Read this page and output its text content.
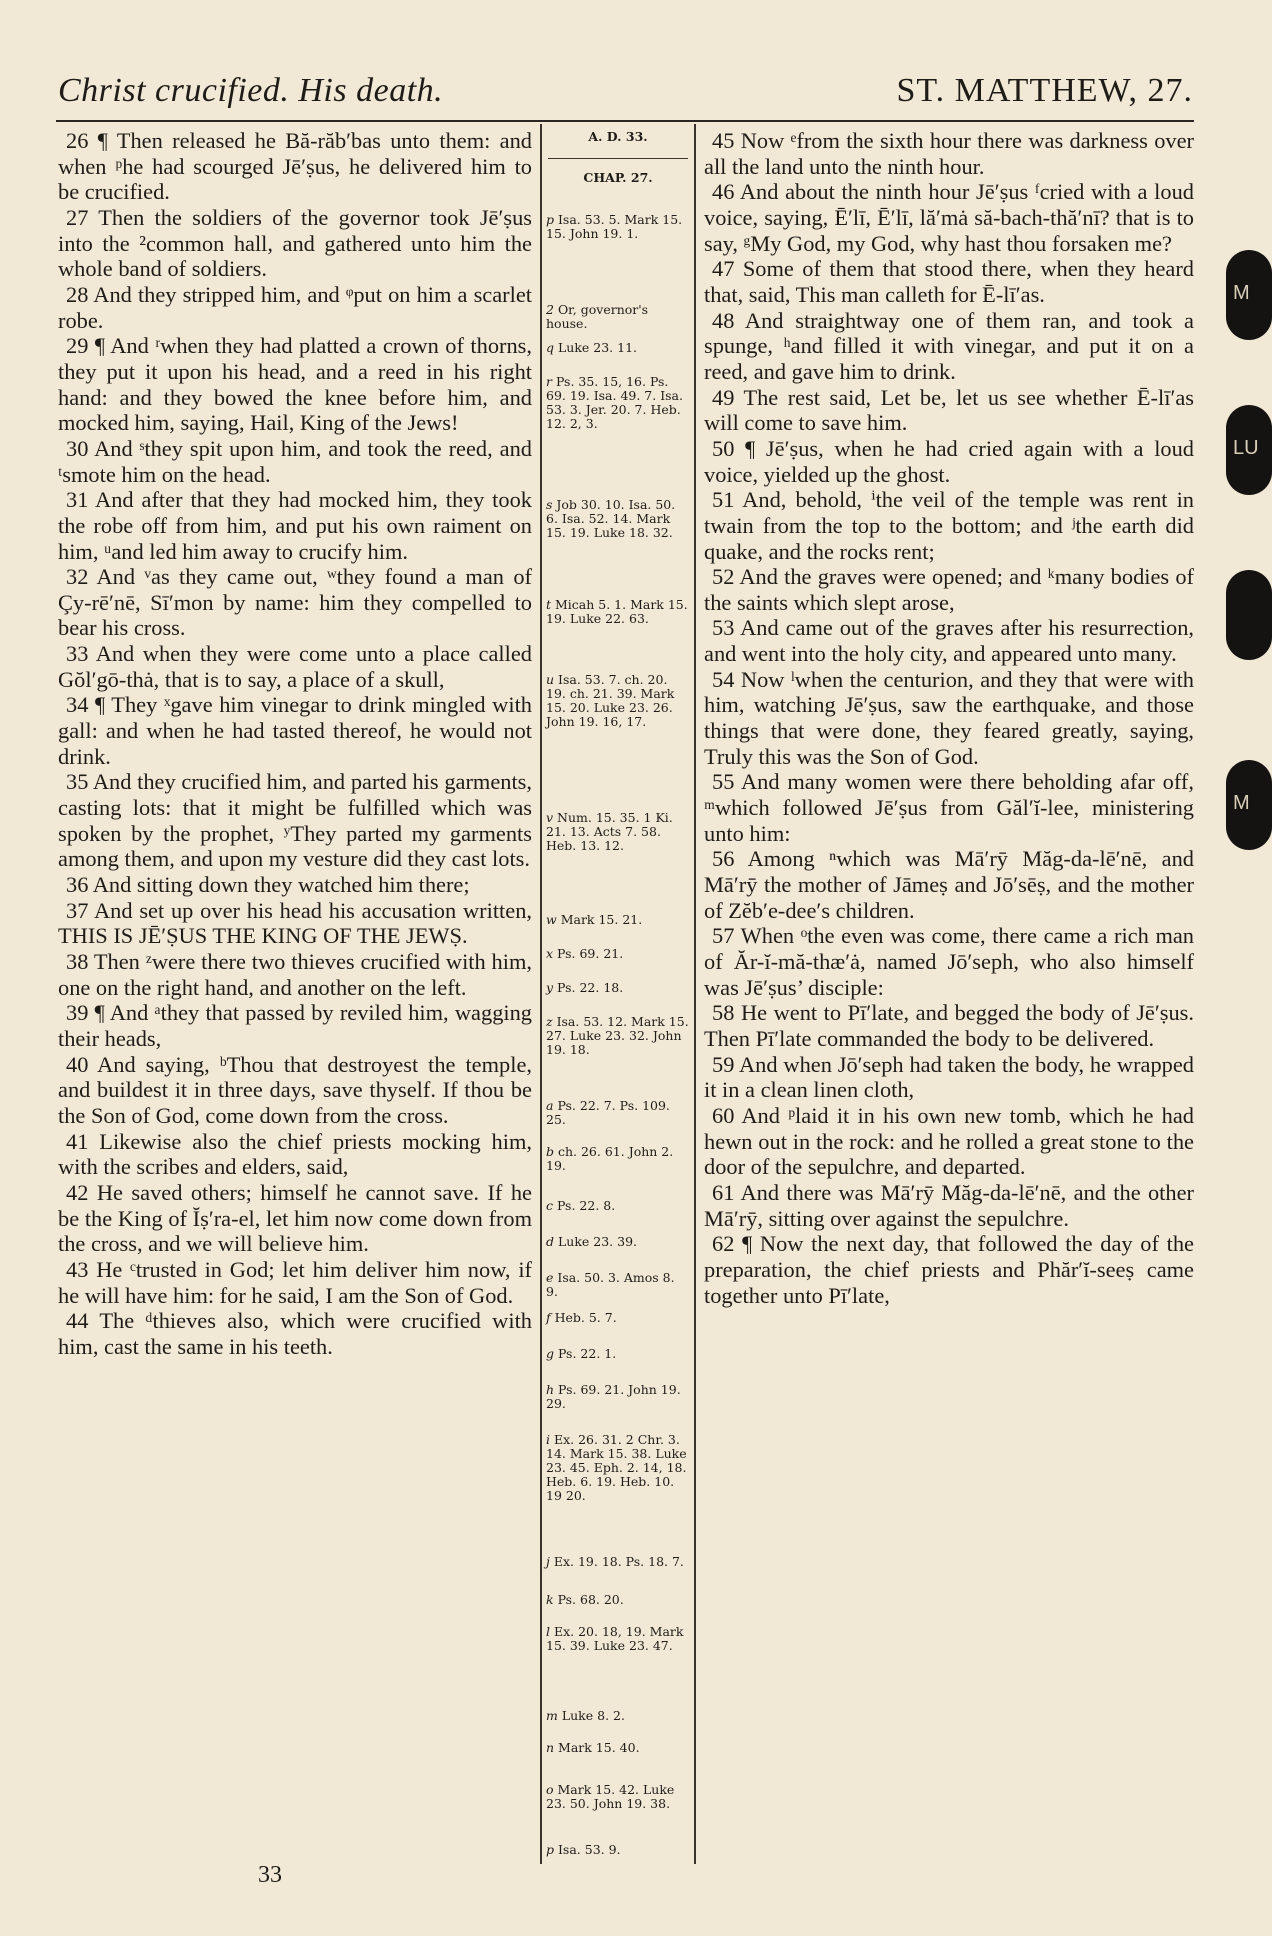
Christ crucified. His death.	ST. MATTHEW, 27.

26 ¶ Then released he Bă-răb′bas unto them: and when ᵖhe had scourged Jē′ṣus, he delivered him to be crucified.

27 Then the soldiers of the governor took Jē′ṣus into the ²common hall, and gathered unto him the whole band of soldiers.

28 And they stripped him, and ᵠput on him a scarlet robe.

29 ¶ And ʳwhen they had platted a crown of thorns, they put it upon his head, and a reed in his right hand: and they bowed the knee before him, and mocked him, saying, Hail, King of the Jews!

30 And ˢthey spit upon him, and took the reed, and ᵗsmote him on the head.

31 And after that they had mocked him, they took the robe off from him, and put his own raiment on him, ᵘand led him away to crucify him.

32 And ᵛas they came out, ʷthey found a man of Çy-rē′nē, Sī′mon by name: him they compelled to bear his cross.

33 And when they were come unto a place called Gŏl′gō-thȧ, that is to say, a place of a skull,

34 ¶ They ˣgave him vinegar to drink mingled with gall: and when he had tasted thereof, he would not drink.

35 And they crucified him, and parted his garments, casting lots: that it might be fulfilled which was spoken by the prophet, ʸThey parted my garments among them, and upon my vesture did they cast lots.

36 And sitting down they watched him there;

37 And set up over his head his accusation written, THIS IS JĒ′ṢUS THE KING OF THE JEWṢ.

38 Then ᶻwere there two thieves crucified with him, one on the right hand, and another on the left.

39 ¶ And ᵃthey that passed by reviled him, wagging their heads,

40 And saying, ᵇThou that destroyest the temple, and buildest it in three days, save thyself. If thou be the Son of God, come down from the cross.

41 Likewise also the chief priests mocking him, with the scribes and elders, said,

42 He saved others; himself he cannot save. If he be the King of Ĭṣ′ra-el, let him now come down from the cross, and we will believe him.

43 He ᶜtrusted in God; let him deliver him now, if he will have him: for he said, I am the Son of God.

44 The ᵈthieves also, which were crucified with him, cast the same in his teeth.

A. D. 33.
CHAP. 27.
p Isa. 53. 5. Mark 15. 15. John 19. 1.
2 Or, governor's house.
q Luke 23. 11.
r Ps. 35. 15, 16. Ps. 69. 19. Isa. 49. 7. Isa. 53. 3. Jer. 20. 7. Heb. 12. 2, 3.
s Job 30. 10. Isa. 50. 6. Isa. 52. 14. Mark 15. 19. Luke 18. 32.
t Micah 5. 1. Mark 15. 19. Luke 22. 63.
u Isa. 53. 7. ch. 20. 19. ch. 21. 39. Mark 15. 20. Luke 23. 26. John 19. 16, 17.
v Num. 15. 35. 1 Ki. 21. 13. Acts 7. 58. Heb. 13. 12.
w Mark 15. 21.
x Ps. 69. 21.
y Ps. 22. 18.
z Isa. 53. 12. Mark 15. 27. Luke 23. 32. John 19. 18.
a Ps. 22. 7. Ps. 109. 25.
b ch. 26. 61. John 2. 19.
c Ps. 22. 8.
d Luke 23. 39.
e Isa. 50. 3. Amos 8. 9.
f Heb. 5. 7.
g Ps. 22. 1.
h Ps. 69. 21. John 19. 29.
i Ex. 26. 31. 2 Chr. 3. 14. Mark 15. 38. Luke 23. 45. Eph. 2. 14, 18. Heb. 6. 19. Heb. 10. 19 20.
j Ex. 19. 18. Ps. 18. 7.
k Ps. 68. 20.
l Ex. 20. 18, 19. Mark 15. 39. Luke 23. 47.
m Luke 8. 2.
n Mark 15. 40.
o Mark 15. 42. Luke 23. 50. John 19. 38.
p Isa. 53. 9.

45 Now ᵉfrom the sixth hour there was darkness over all the land unto the ninth hour.

46 And about the ninth hour Jē′ṣus ᶠcried with a loud voice, saying, Ē′lī, Ē′lī, lă′mȧ să-bach-thă′nī? that is to say, ᵍMy God, my God, why hast thou forsaken me?

47 Some of them that stood there, when they heard that, said, This man calleth for Ē-lī′as.

48 And straightway one of them ran, and took a spunge, ʰand filled it with vinegar, and put it on a reed, and gave him to drink.

49 The rest said, Let be, let us see whether Ē-lī′as will come to save him.

50 ¶ Jē′ṣus, when he had cried again with a loud voice, yielded up the ghost.

51 And, behold, ⁱthe veil of the temple was rent in twain from the top to the bottom; and ʲthe earth did quake, and the rocks rent;

52 And the graves were opened; and ᵏmany bodies of the saints which slept arose,

53 And came out of the graves after his resurrection, and went into the holy city, and appeared unto many.

54 Now ˡwhen the centurion, and they that were with him, watching Jē′ṣus, saw the earthquake, and those things that were done, they feared greatly, saying, Truly this was the Son of God.

55 And many women were there beholding afar off, ᵐwhich followed Jē′ṣus from Găl′ĭ-lee, ministering unto him:

56 Among ⁿwhich was Mā′rȳ Măg-da-lē′nē, and Mā′rȳ the mother of Jāmeṣ and Jō′sēṣ, and the mother of Zĕb′e-dee′s children.

57 When ᵒthe even was come, there came a rich man of Ăr-ĭ-mă-thæ′ȧ, named Jō′seph, who also himself was Jē′ṣus’ disciple:

58 He went to Pī′late, and begged the body of Jē′ṣus. Then Pī′late commanded the body to be delivered.

59 And when Jō′seph had taken the body, he wrapped it in a clean linen cloth,

60 And ᵖlaid it in his own new tomb, which he had hewn out in the rock: and he rolled a great stone to the door of the sepulchre, and departed.

61 And there was Mā′rȳ Măg-da-lē′nē, and the other Mā′rȳ, sitting over against the sepulchre.

62 ¶ Now the next day, that followed the day of the preparation, the chief priests and Phăr′ĭ-seeṣ came together unto Pī′late,

33
M
LU
M
